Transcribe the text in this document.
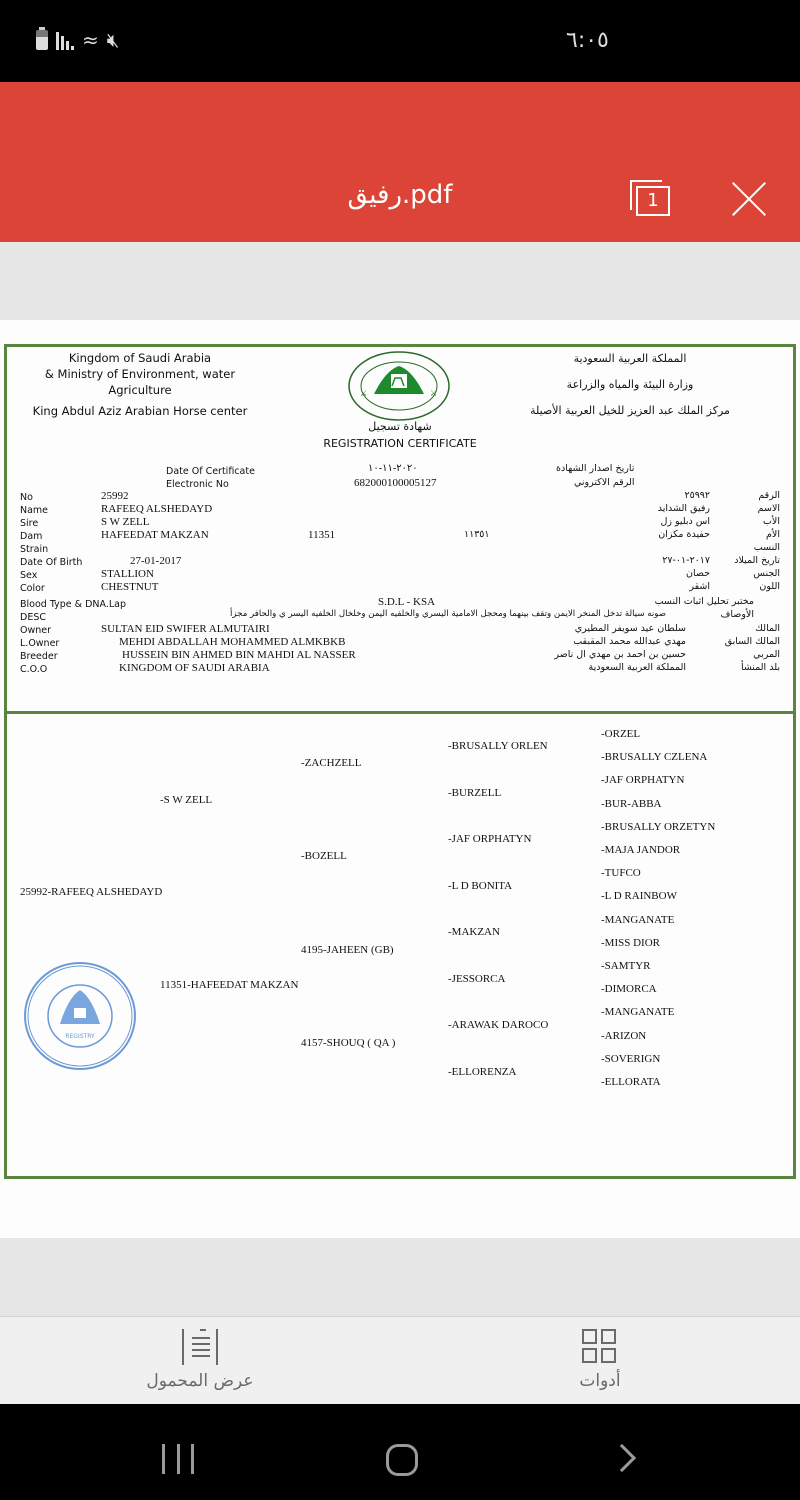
≈ 🔇︎	٦:٠٥
رفيق.pdf	1
Kingdom of Saudi Arabia
& Ministry of Environment, water
Agriculture
King Abdul Aziz Arabian Horse center
⚔	⚔
شهادة تسجيل
REGISTRATION CERTIFICATE
المملكة العربية السعودية
وزارة البيئة والمياه والزراعة
مركز الملك عبد العزيز للخيل العربية الأصيلة
Date Of Certificate	٢٠٢٠-١١-١٠	تاريخ اصدار الشهادة
Electronic No	682000100005127	الرقم الاكتروني
No	25992	٢٥٩٩٢	الرقم
Name	RAFEEQ ALSHEDAYD	رفيق الشدايد	الاسم
Sire	S W ZELL	اس دبليو زل	الأب
Dam	HAFEEDAT MAKZAN	11351	١١٣٥١	حفيدة مكزان	الأم
Strain	النسب
Date Of Birth	27-01-2017	٢٠١٧-٠١-٢٧	تاريخ الميلاد
Sex	STALLION	حصان	الجنس
Color	CHESTNUT	اشقر	اللون
Blood Type & DNA.Lap	S.D.L - KSA	مختبر تحليل اثبات النسب
DESC	صونه سيالة تدخل المنخر الايمن وتقف بينهما ومحجل الامامية اليسري والخلفيه اليمن وخلخال الخلفيه اليسر ي والحافر مجزأ	الأوصاف
Owner	SULTAN EID SWIFER ALMUTAIRI	سلطان عيد سويفر المطيري	المالك
L.Owner	MEHDI ABDALLAH MOHAMMED ALMKBKB	مهدي عبدالله محمد المقبقب	المالك السابق
Breeder	HUSSEIN BIN AHMED BIN MAHDI AL NASSER	حسين بن احمد بن مهدي ال ناصر	المربي
C.O.O	KINGDOM OF SAUDI ARABIA	المملكة العربية السعودية	بلد المنشأ
25992-RAFEEQ ALSHEDAYD
-S W ZELL
11351-HAFEEDAT MAKZAN
-ZACHZELL
-BOZELL
4195-JAHEEN (GB)
4157-SHOUQ ( QA )
-BRUSALLY ORLEN
-BURZELL
-JAF ORPHATYN
-L D BONITA
-MAKZAN
-JESSORCA
-ARAWAK DAROCO
-ELLORENZA
-ORZEL
-BRUSALLY CZLENA
-JAF ORPHATYN
-BUR-ABBA
-BRUSALLY ORZETYN
-MAJA JANDOR
-TUFCO
-L D RAINBOW
-MANGANATE
-MISS DIOR
-SAMTYR
-DIMORCA
-MANGANATE
-ARIZON
-SOVERIGN
-ELLORATA
REGISTRY
عرض المحمول	أدوات
